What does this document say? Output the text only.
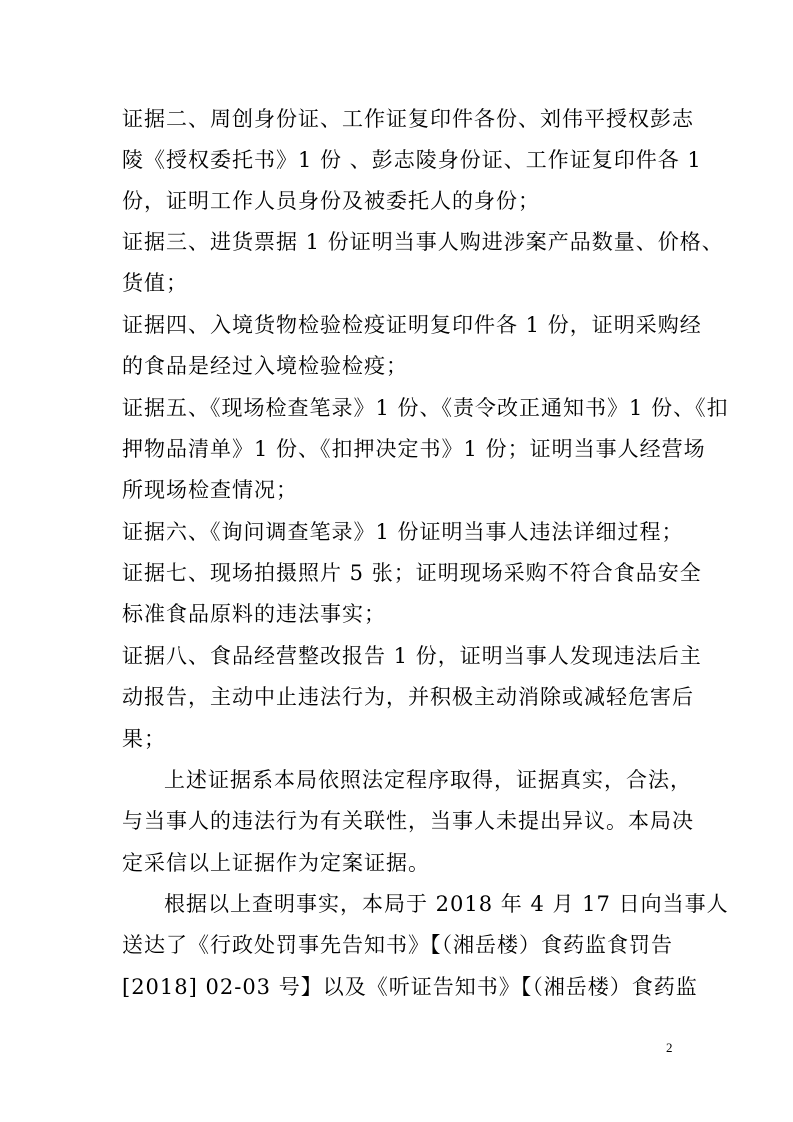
证据二、周创身份证、工作证复印件各份、刘伟平授权彭志
陵《授权委托书》1 份 、彭志陵身份证、工作证复印件各 1
份，证明工作人员身份及被委托人的身份；
证据三、进货票据 1 份证明当事人购进涉案产品数量、价格、
货值；
证据四、入境货物检验检疫证明复印件各 1 份，证明采购经
的食品是经过入境检验检疫；
证据五、《现场检查笔录》1 份、《责令改正通知书》1 份、《扣
押物品清单》1 份、《扣押决定书》1 份；证明当事人经营场
所现场检查情况；
证据六、《询问调查笔录》1 份证明当事人违法详细过程；
证据七、现场拍摄照片 5 张；证明现场采购不符合食品安全
标准食品原料的违法事实；
证据八、食品经营整改报告 1 份，证明当事人发现违法后主
动报告，主动中止违法行为，并积极主动消除或减轻危害后
果；
上述证据系本局依照法定程序取得，证据真实，合法，
与当事人的违法行为有关联性，当事人未提出异议。本局决
定采信以上证据作为定案证据。
根据以上查明事实，本局于 2018 年 4 月 17 日向当事人
送达了《行政处罚事先告知书》【（湘岳楼）食药监食罚告
[2018] 02-03 号】以及《听证告知书》【（湘岳楼）食药监
2
